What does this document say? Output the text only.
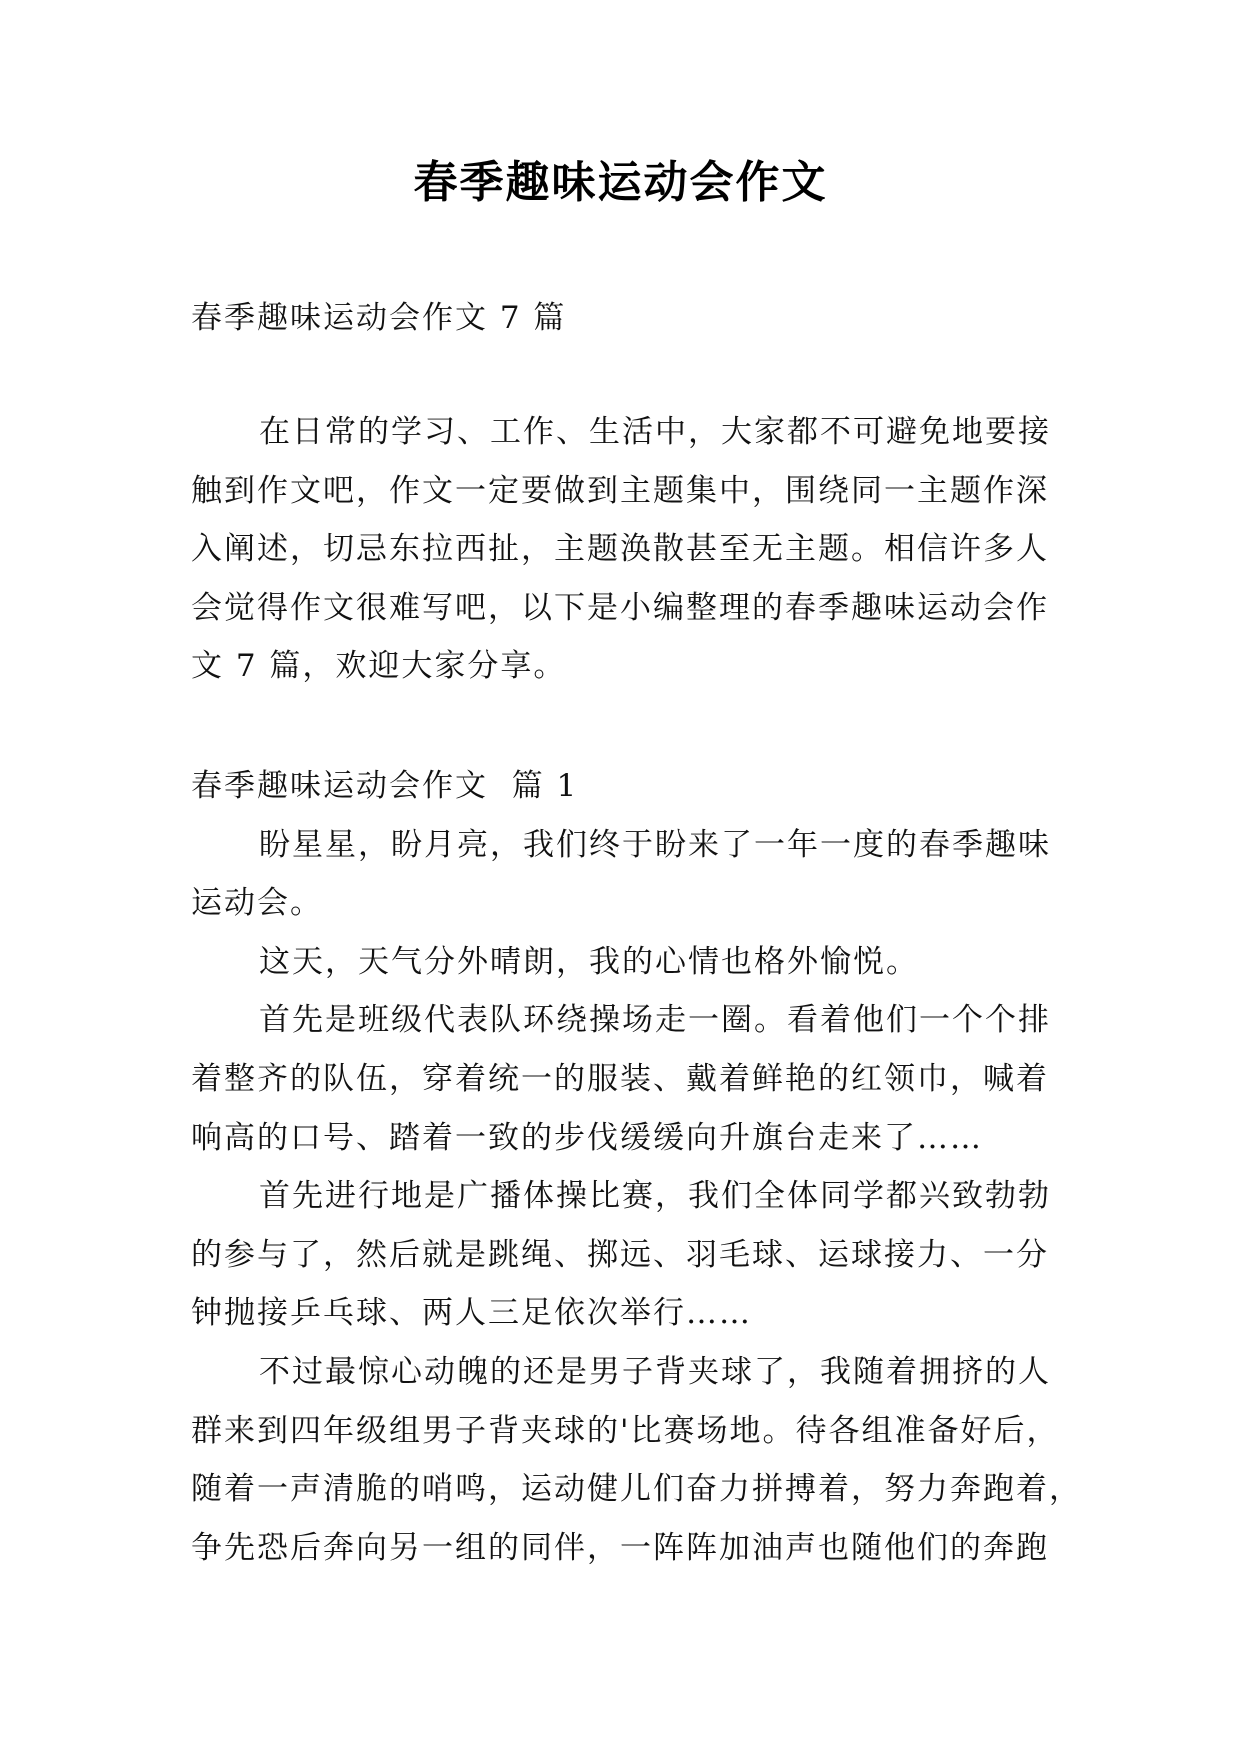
春季趣味运动会作文
春季趣味运动会作文 7 篇
在日常的学习、工作、生活中，大家都不可避免地要接
触到作文吧，作文一定要做到主题集中，围绕同一主题作深
入阐述，切忌东拉西扯，主题涣散甚至无主题。相信许多人
会觉得作文很难写吧，以下是小编整理的春季趣味运动会作
文 7 篇，欢迎大家分享。
春季趣味运动会作文  篇 1
盼星星，盼月亮，我们终于盼来了一年一度的春季趣味
运动会。
这天，天气分外晴朗，我的心情也格外愉悦。
首先是班级代表队环绕操场走一圈。看着他们一个个排
着整齐的队伍，穿着统一的服装、戴着鲜艳的红领巾，喊着
响高的口号、踏着一致的步伐缓缓向升旗台走来了……
首先进行地是广播体操比赛，我们全体同学都兴致勃勃
的参与了，然后就是跳绳、掷远、羽毛球、运球接力、一分
钟抛接乒乓球、两人三足依次举行……
不过最惊心动魄的还是男子背夹球了，我随着拥挤的人
群来到四年级组男子背夹球的'比赛场地。待各组准备好后，
随着一声清脆的哨鸣，运动健儿们奋力拼搏着，努力奔跑着，
争先恐后奔向另一组的同伴，一阵阵加油声也随他们的奔跑
